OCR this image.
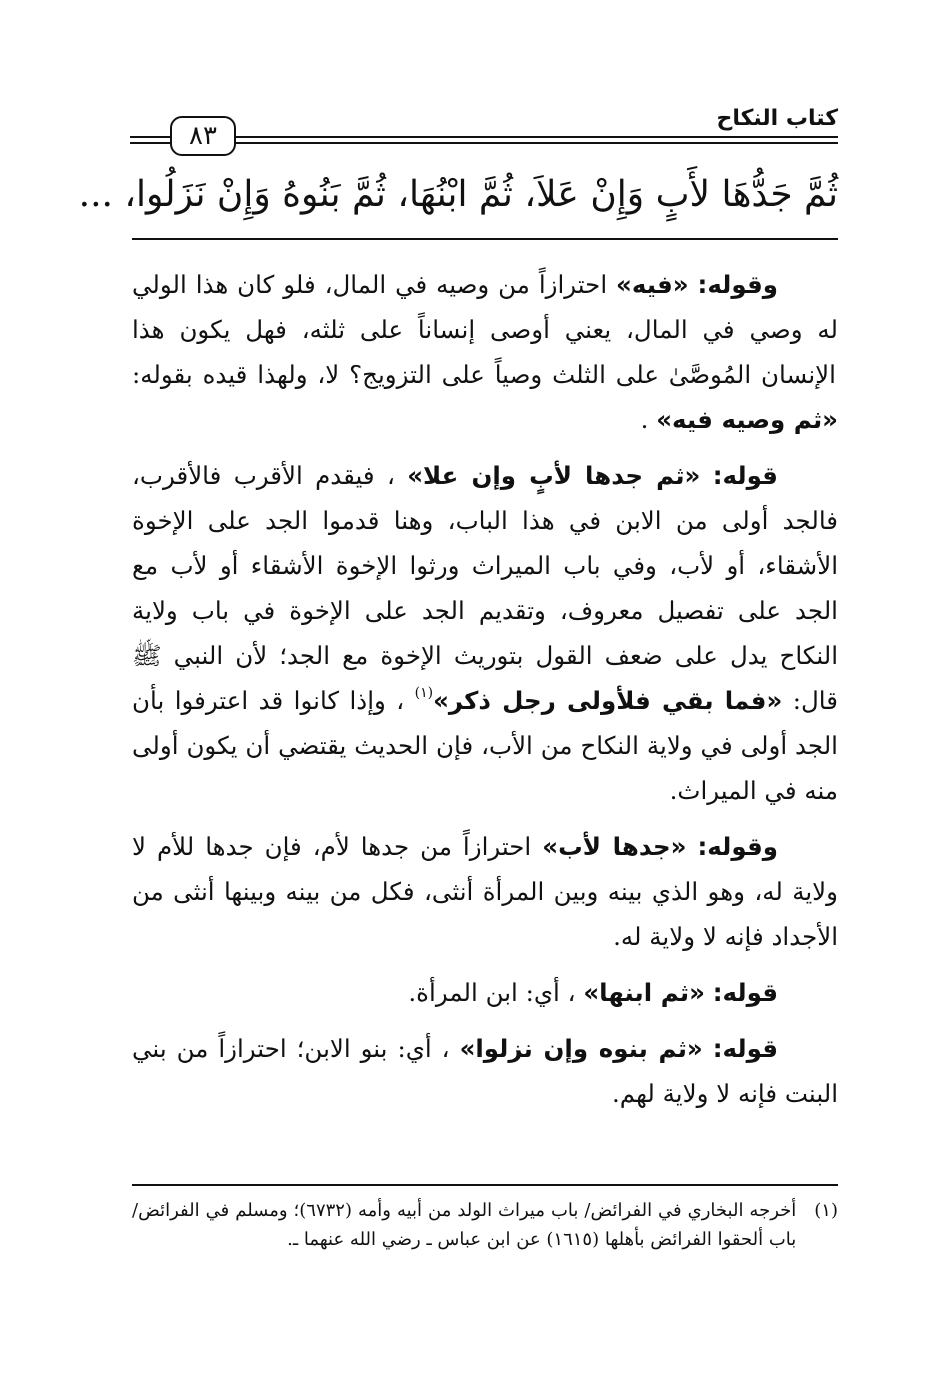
كتاب النكاح
٨٣
ثُمَّ جَدُّهَا لأَبٍ وَإِنْ عَلاَ، ثُمَّ ابْنُهَا، ثُمَّ بَنُوهُ وَإِنْ نَزَلُوا، ...

وقوله: «فيه» احترازاً من وصيه في المال، فلو كان هذا الولي له وصي في المال، يعني أوصى إنساناً على ثلثه، فهل يكون هذا الإنسان المُوصَّىٰ على الثلث وصياً على التزويج؟ لا، ولهذا قيده بقوله: «ثم وصيه فيه» .

قوله: «ثم جدها لأبٍ وإن علا» ، فيقدم الأقرب فالأقرب، فالجد أولى من الابن في هذا الباب، وهنا قدموا الجد على الإخوة الأشقاء، أو لأب، وفي باب الميراث ورثوا الإخوة الأشقاء أو لأب مع الجد على تفصيل معروف، وتقديم الجد على الإخوة في باب ولاية النكاح يدل على ضعف القول بتوريث الإخوة مع الجد؛ لأن النبي ﷺ قال: «فما بقي فلأولى رجل ذكر»$^{(١)}$ ، وإذا كانوا قد اعترفوا بأن الجد أولى في ولاية النكاح من الأب، فإن الحديث يقتضي أن يكون أولى منه في الميراث.

وقوله: «جدها لأب» احترازاً من جدها لأم، فإن جدها للأم لا ولاية له، وهو الذي بينه وبين المرأة أنثى، فكل من بينه وبينها أنثى من الأجداد فإنه لا ولاية له.

قوله: «ثم ابنها» ، أي: ابن المرأة.

قوله: «ثم بنوه وإن نزلوا» ، أي: بنو الابن؛ احترازاً من بني البنت فإنه لا ولاية لهم.

(١)
أخرجه البخاري في الفرائض/ باب ميراث الولد من أبيه وأمه (٦٧٣٢)؛ ومسلم في الفرائض/ باب ألحقوا الفرائض بأهلها (١٦١٥) عن ابن عباس ـ رضي الله عنهما ـ.
